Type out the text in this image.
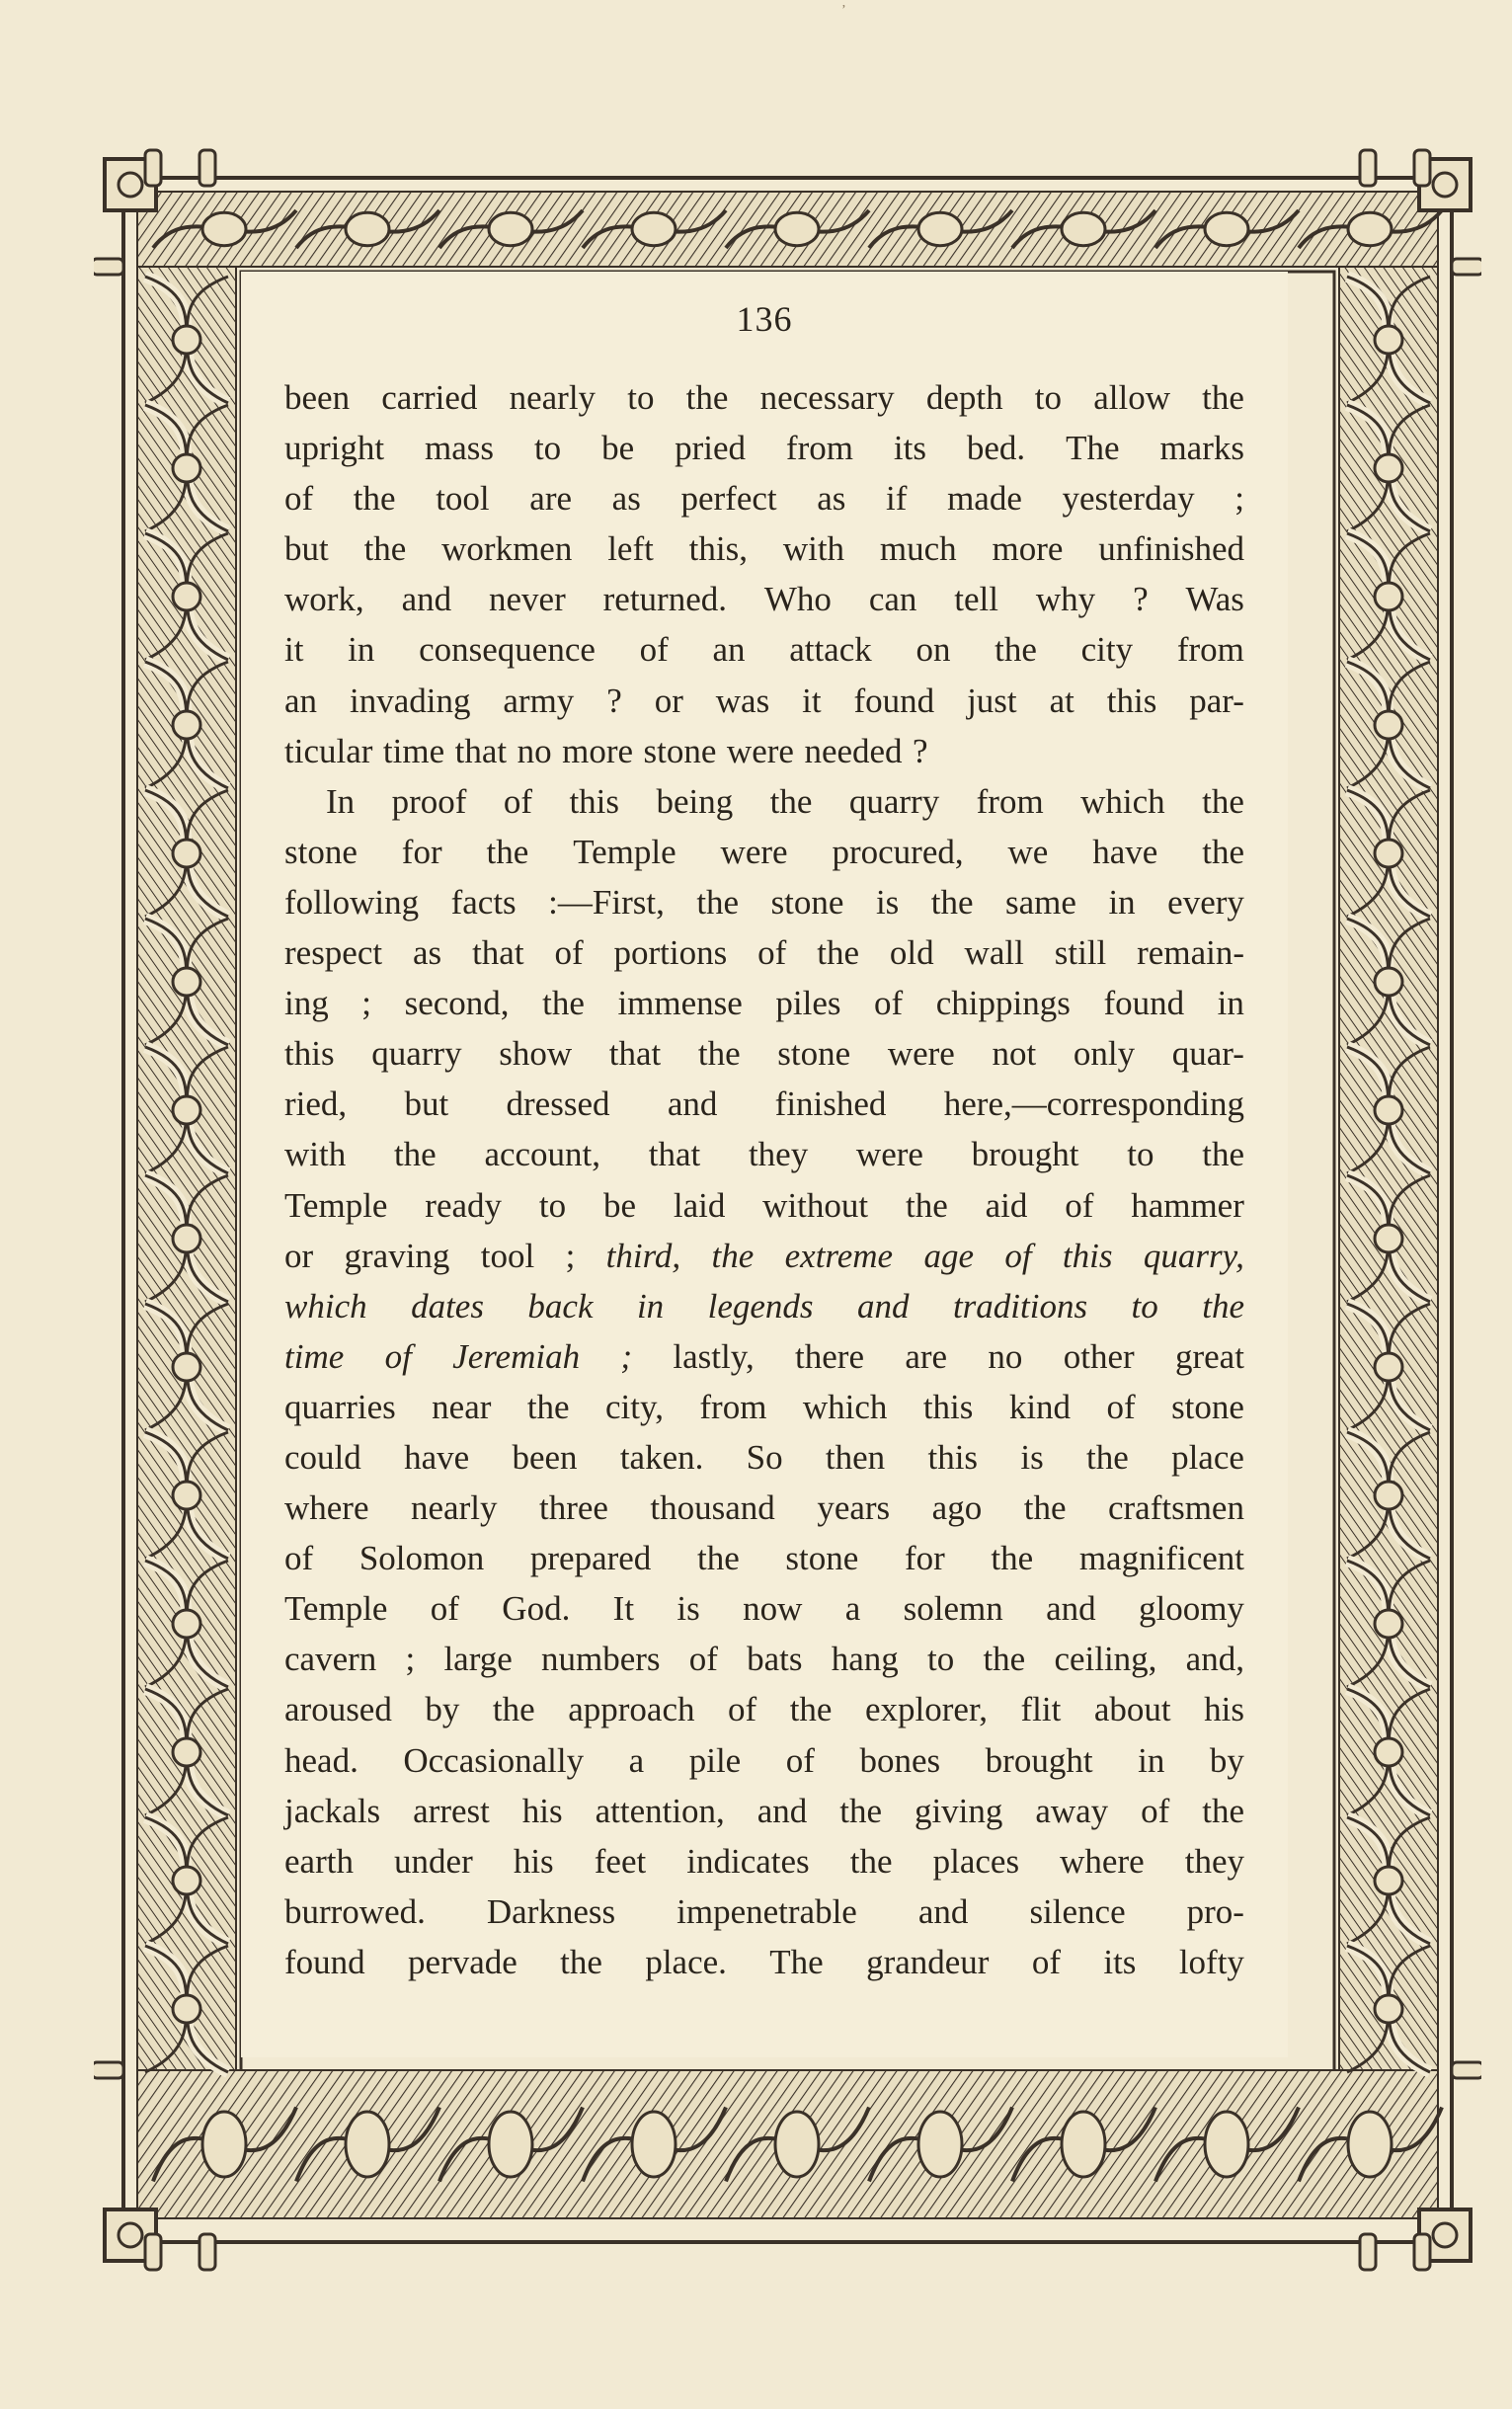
ʼ
136
been carried nearly to the necessary depth to allow the
upright mass to be pried from its bed. The marks
of the tool are as perfect as if made yesterday ;
but the workmen left this, with much more unfinished
work, and never returned. Who can tell why ? Was
it in consequence of an attack on the city from
an invading army ? or was it found just at this par-
ticular time that no more stone were needed ?
In proof of this being the quarry from which the
stone for the Temple were procured, we have the
following facts :—First, the stone is the same in every
respect as that of portions of the old wall still remain-
ing ; second, the immense piles of chippings found in
this quarry show that the stone were not only quar-
ried, but dressed and finished here,—corresponding
with the account, that they were brought to the
Temple ready to be laid without the aid of hammer
or graving tool ; third, the extreme age of this quarry,
which dates back in legends and traditions to the
time of Jeremiah ; lastly, there are no other great
quarries near the city, from which this kind of stone
could have been taken. So then this is the place
where nearly three thousand years ago the craftsmen
of Solomon prepared the stone for the magnificent
Temple of God. It is now a solemn and gloomy
cavern ; large numbers of bats hang to the ceiling, and,
aroused by the approach of the explorer, flit about his
head. Occasionally a pile of bones brought in by
jackals arrest his attention, and the giving away of the
earth under his feet indicates the places where they
burrowed. Darkness impenetrable and silence pro-
found pervade the place. The grandeur of its lofty
